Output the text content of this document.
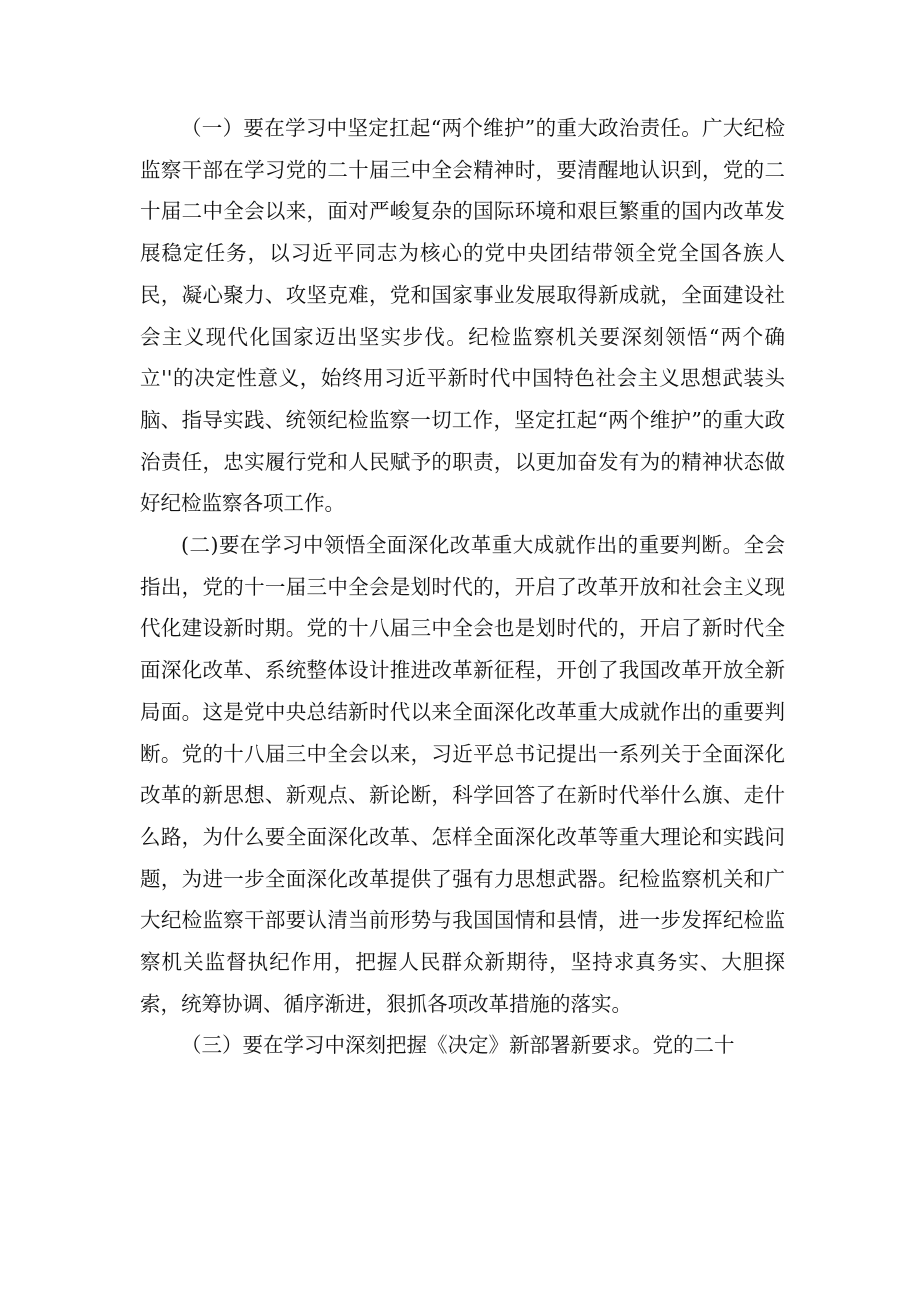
（一）要在学习中坚定扛起“两个维护”的重大政治责任。广大纪检监察干部在学习党的二十届三中全会精神时，要清醒地认识到，党的二十届二中全会以来，面对严峻复杂的国际环境和艰巨繁重的国内改革发展稳定任务，以习近平同志为核心的党中央团结带领全党全国各族人民，凝心聚力、攻坚克难，党和国家事业发展取得新成就，全面建设社会主义现代化国家迈出坚实步伐。纪检监察机关要深刻领悟“两个确立''的决定性意义，始终用习近平新时代中国特色社会主义思想武装头脑、指导实践、统领纪检监察一切工作，坚定扛起“两个维护”的重大政治责任，忠实履行党和人民赋予的职责，以更加奋发有为的精神状态做好纪检监察各项工作。

(二)要在学习中领悟全面深化改革重大成就作出的重要判断。全会指出，党的十一届三中全会是划时代的，开启了改革开放和社会主义现代化建设新时期。党的十八届三中全会也是划时代的，开启了新时代全面深化改革、系统整体设计推进改革新征程，开创了我国改革开放全新局面。这是党中央总结新时代以来全面深化改革重大成就作出的重要判断。党的十八届三中全会以来，习近平总书记提出一系列关于全面深化改革的新思想、新观点、新论断，科学回答了在新时代举什么旗、走什么路，为什么要全面深化改革、怎样全面深化改革等重大理论和实践问题，为进一步全面深化改革提供了强有力思想武器。纪检监察机关和广大纪检监察干部要认清当前形势与我国国情和县情，进一步发挥纪检监察机关监督执纪作用，把握人民群众新期待，坚持求真务实、大胆探索，统筹协调、循序渐进，狠抓各项改革措施的落实。

（三）要在学习中深刻把握《决定》新部署新要求。党的二十
